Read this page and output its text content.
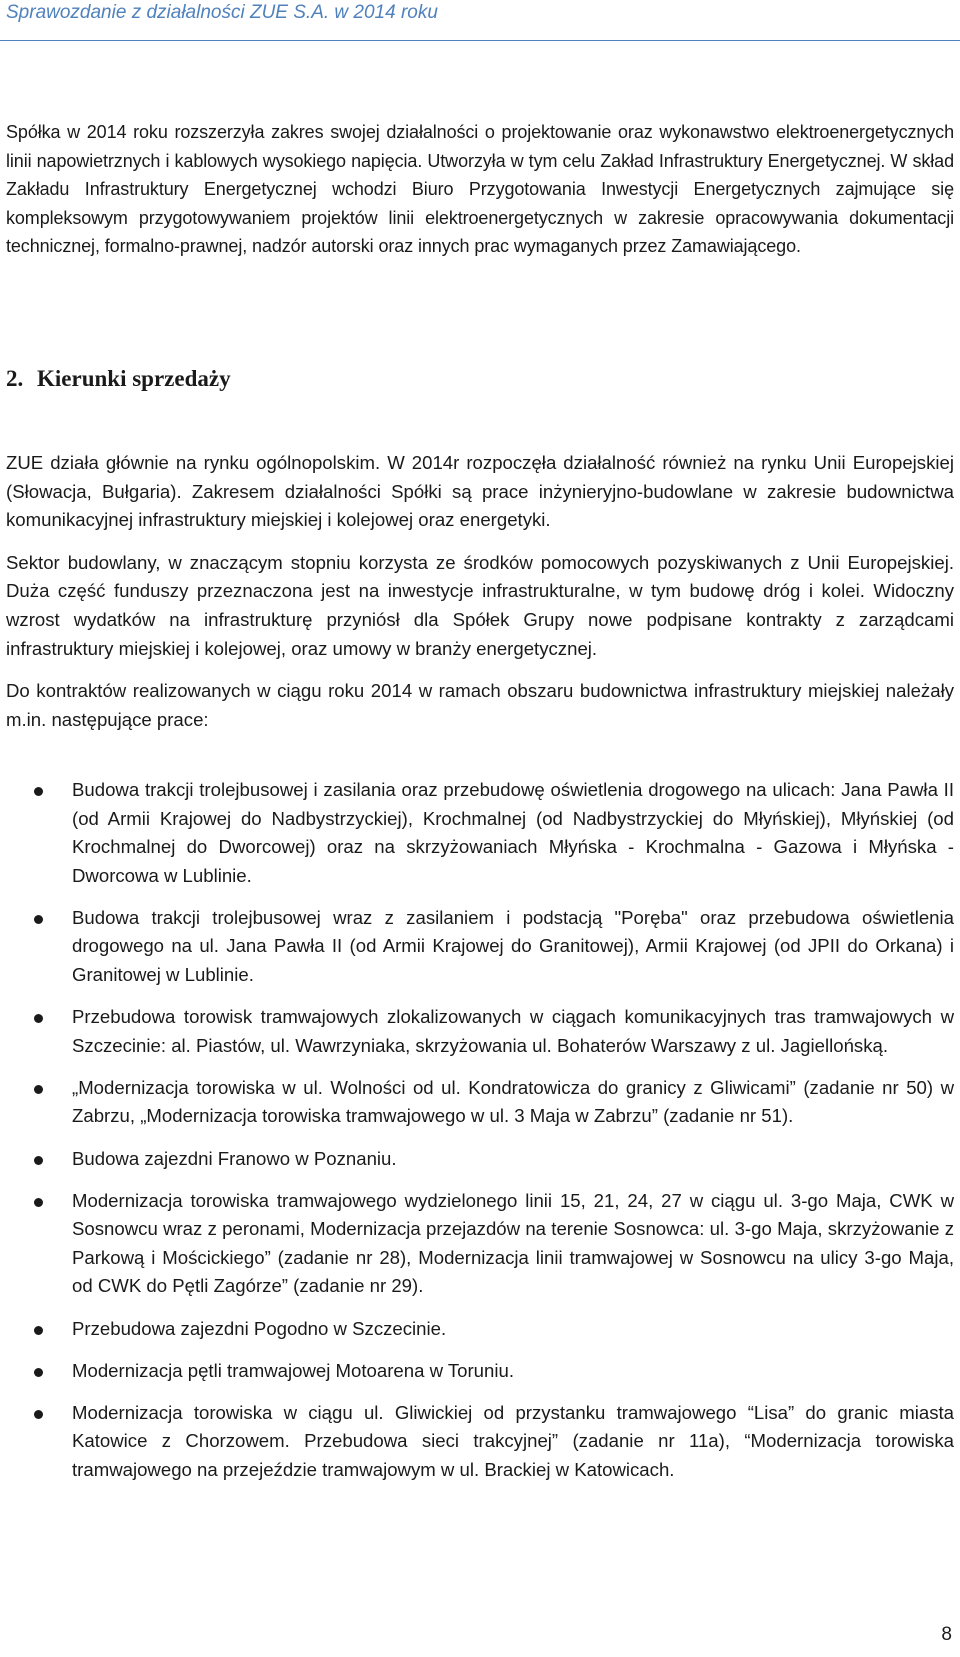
Sprawozdanie z działalności ZUE S.A. w 2014 roku

Spółka w 2014 roku rozszerzyła zakres swojej działalności o projektowanie oraz wykonawstwo elektroenergetycznych linii napowietrznych i kablowych wysokiego napięcia. Utworzyła w tym celu Zakład Infrastruktury Energetycznej. W skład Zakładu Infrastruktury Energetycznej wchodzi Biuro Przygotowania Inwestycji Energetycznych zajmujące się kompleksowym przygotowywaniem projektów linii elektroenergetycznych w zakresie opracowywania dokumentacji technicznej, formalno-prawnej, nadzór autorski oraz innych prac wymaganych przez Zamawiającego.

2. Kierunki sprzedaży

ZUE działa głównie na rynku ogólnopolskim. W 2014r rozpoczęła działalność również na rynku Unii Europejskiej (Słowacja, Bułgaria). Zakresem działalności Spółki są prace inżynieryjno-budowlane w zakresie budownictwa komunikacyjnej infrastruktury miejskiej i kolejowej oraz energetyki.

Sektor budowlany, w znaczącym stopniu korzysta ze środków pomocowych pozyskiwanych z Unii Europejskiej. Duża część funduszy przeznaczona jest na inwestycje infrastrukturalne, w tym budowę dróg i kolei. Widoczny wzrost wydatków na infrastrukturę przyniósł dla Spółek Grupy nowe podpisane kontrakty z zarządcami infrastruktury miejskiej i kolejowej, oraz umowy w branży energetycznej.

Do kontraktów realizowanych w ciągu roku 2014 w ramach obszaru budownictwa infrastruktury miejskiej należały m.in. następujące prace:

Budowa trakcji trolejbusowej i zasilania oraz przebudowę oświetlenia drogowego na ulicach: Jana Pawła II (od Armii Krajowej do Nadbystrzyckiej), Krochmalnej (od Nadbystrzyckiej do Młyńskiej), Młyńskiej (od Krochmalnej do Dworcowej) oraz na skrzyżowaniach Młyńska - Krochmalna - Gazowa i Młyńska - Dworcowa w Lublinie.
Budowa trakcji trolejbusowej wraz z zasilaniem i podstacją "Poręba" oraz przebudowa oświetlenia drogowego na ul. Jana Pawła II (od Armii Krajowej do Granitowej), Armii Krajowej (od JPII do Orkana) i Granitowej w Lublinie.
Przebudowa torowisk tramwajowych zlokalizowanych w ciągach komunikacyjnych tras tramwajowych w Szczecinie: al. Piastów, ul. Wawrzyniaka, skrzyżowania ul. Bohaterów Warszawy z ul. Jagiellońską.
„Modernizacja torowiska w ul. Wolności od ul. Kondratowicza do granicy z Gliwicami” (zadanie nr 50) w Zabrzu, „Modernizacja torowiska tramwajowego w ul. 3 Maja w Zabrzu” (zadanie nr 51).
Budowa zajezdni Franowo w Poznaniu.
Modernizacja torowiska tramwajowego wydzielonego linii 15, 21, 24, 27 w ciągu ul. 3-go Maja, CWK w Sosnowcu wraz z peronami, Modernizacja przejazdów na terenie Sosnowca: ul. 3-go Maja, skrzyżowanie z Parkową i Mościckiego” (zadanie nr 28), Modernizacja linii tramwajowej w Sosnowcu na ulicy 3-go Maja, od CWK do Pętli Zagórze” (zadanie nr 29).
Przebudowa zajezdni Pogodno w Szczecinie.
Modernizacja pętli tramwajowej Motoarena w Toruniu.
Modernizacja torowiska w ciągu ul. Gliwickiej od przystanku tramwajowego “Lisa” do granic miasta Katowice z Chorzowem. Przebudowa sieci trakcyjnej” (zadanie nr 11a), “Modernizacja torowiska tramwajowego na przejeździe tramwajowym w ul. Brackiej w Katowicach.
8
